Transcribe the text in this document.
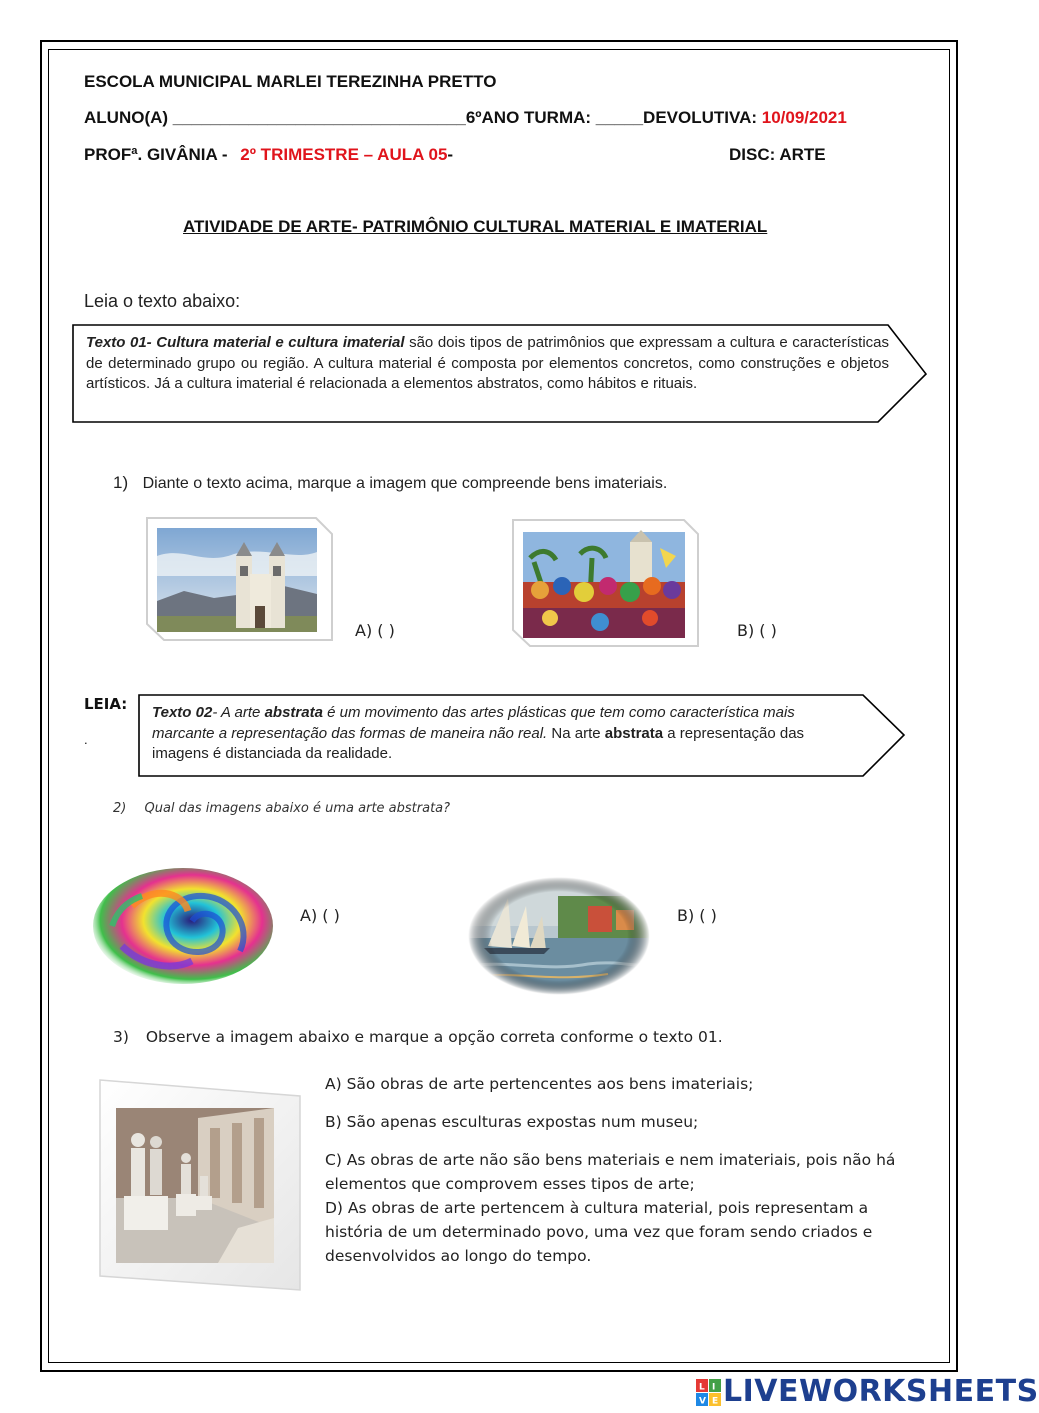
ESCOLA MUNICIPAL MARLEI TEREZINHA PRETTO
ALUNO(A) _______________________________6ºANO TURMA: _____DEVOLUTIVA: 10/09/2021
PROFª. GIVÂNIA - 2º TRIMESTRE – AULA 05-	DISC: ARTE
ATIVIDADE DE ARTE- PATRIMÔNIO CULTURAL MATERIAL E IMATERIAL
Leia o texto abaixo:
Texto 01- Cultura material e cultura imaterial são dois tipos de patrimônios que expressam a cultura e características de determinado grupo ou região. A cultura material é composta por elementos concretos, como construções e objetos artísticos. Já a cultura imaterial é relacionada a elementos abstratos, como hábitos e rituais.
1) Diante o texto acima, marque a imagem que compreende bens imateriais.
A) ( )	B) ( )
LEIA:
.
Texto 02- A arte abstrata é um movimento das artes plásticas que tem como característica mais marcante a representação das formas de maneira não real. Na arte abstrata a representação das imagens é distanciada da realidade.
2) Qual das imagens abaixo é uma arte abstrata?
A) ( )	B) ( )
3) Observe a imagem abaixo e marque a opção correta conforme o texto 01.
A) São obras de arte pertencentes aos bens imateriais;
B) São apenas esculturas expostas num museu;
C) As obras de arte não são bens materiais e nem imateriais, pois não há elementos que comprovem esses tipos de arte;
D) As obras de arte pertencem à cultura material, pois representam a história de um determinado povo, uma vez que foram sendo criados e desenvolvidos ao longo do tempo.
L I
V E LIVEWORKSHEETS
